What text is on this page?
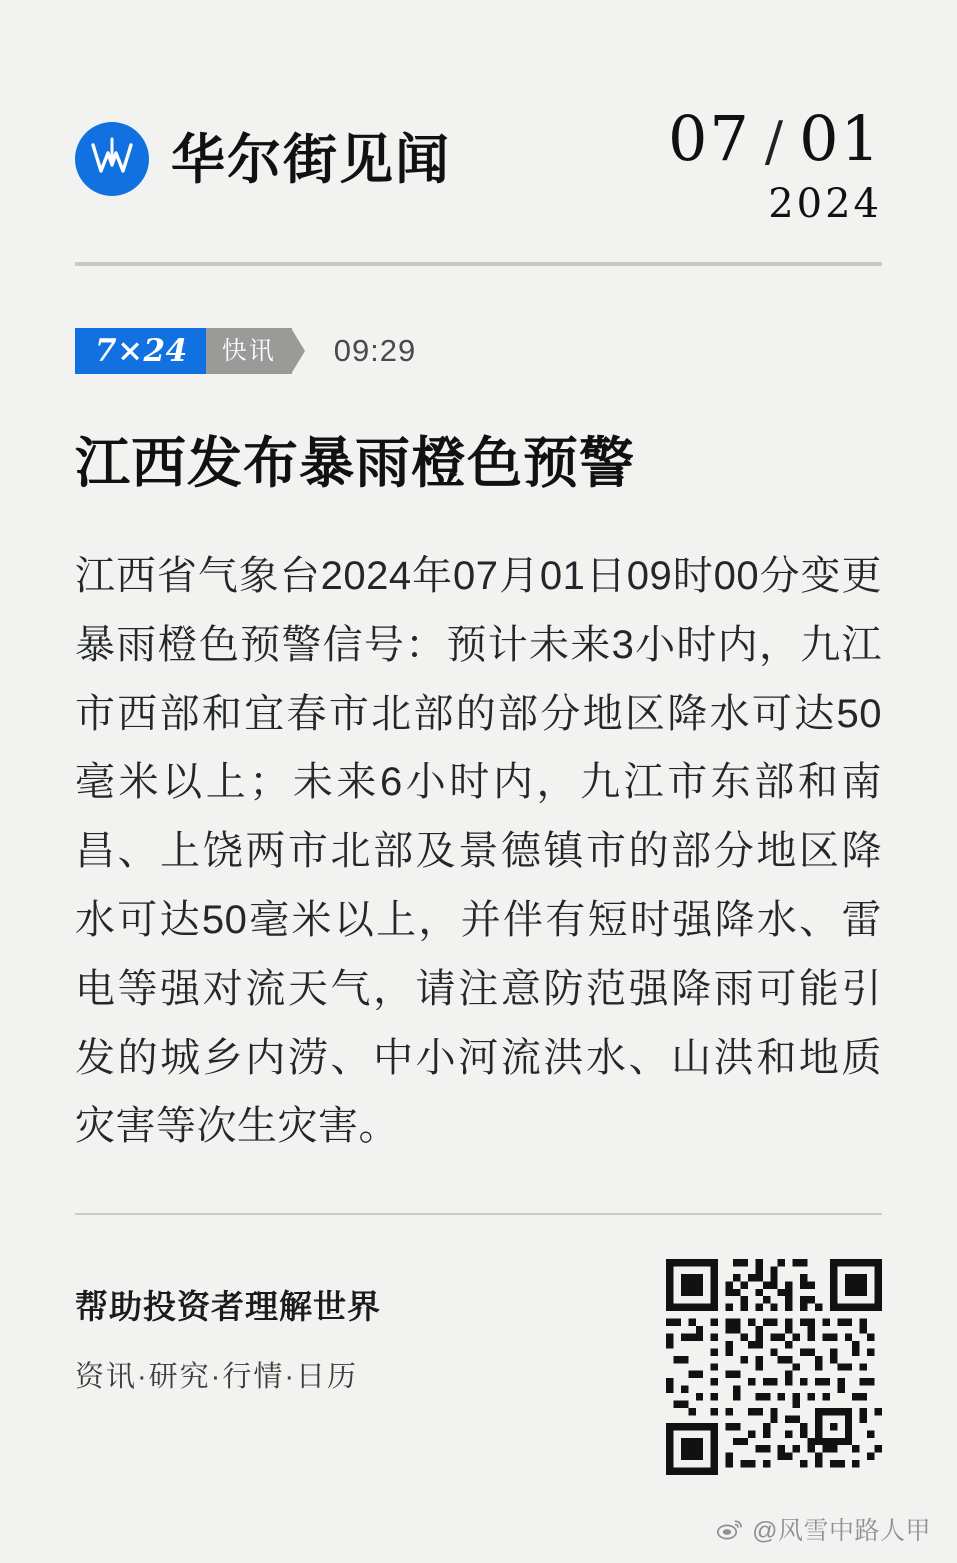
华尔街见闻	07 / 01
2024
7×24	快讯	09:29
江西发布暴雨橙色预警

江西省气象台2024年07月01日09时00分变更暴雨橙色预警信号：预计未来3小时内，九江市西部和宜春市北部的部分地区降水可达50毫米以上；未来6小时内，九江市东部和南昌、上饶两市北部及景德镇市的部分地区降水可达50毫米以上，并伴有短时强降水、雷电等强对流天气，请注意防范强降雨可能引发的城乡内涝、中小河流洪水、山洪和地质灾害等次生灾害。

帮助投资者理解世界
资讯·研究·行情·日历
@风雪中路人甲
